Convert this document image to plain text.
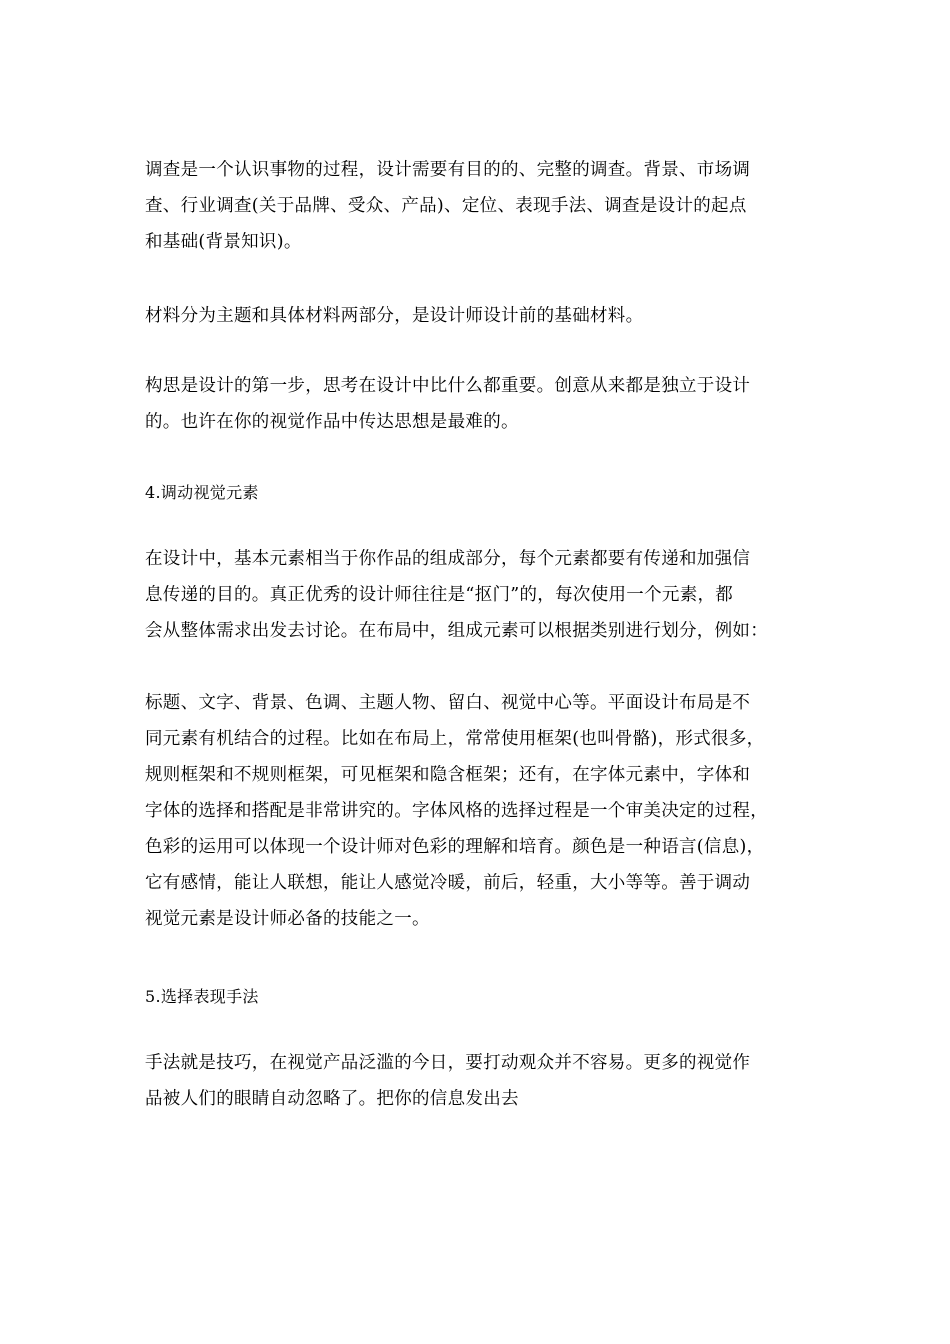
调查是一个认识事物的过程，设计需要有目的的、完整的调查。背景、市场调
查、行业调查(关于品牌、受众、产品)、定位、表现手法、调查是设计的起点
和基础(背景知识)。

材料分为主题和具体材料两部分，是设计师设计前的基础材料。

构思是设计的第一步，思考在设计中比什么都重要。创意从来都是独立于设计
的。也许在你的视觉作品中传达思想是最难的。

4.调动视觉元素

在设计中，基本元素相当于你作品的组成部分，每个元素都要有传递和加强信
息传递的目的。真正优秀的设计师往往是“抠门”的，每次使用一个元素，都
会从整体需求出发去讨论。在布局中，组成元素可以根据类别进行划分，例如：

标题、文字、背景、色调、主题人物、留白、视觉中心等。平面设计布局是不
同元素有机结合的过程。比如在布局上，常常使用框架(也叫骨骼)，形式很多，
规则框架和不规则框架，可见框架和隐含框架；还有，在字体元素中，字体和
字体的选择和搭配是非常讲究的。字体风格的选择过程是一个审美决定的过程，
色彩的运用可以体现一个设计师对色彩的理解和培育。颜色是一种语言(信息)，
它有感情，能让人联想，能让人感觉冷暖，前后，轻重，大小等等。善于调动
视觉元素是设计师必备的技能之一。

5.选择表现手法

手法就是技巧，在视觉产品泛滥的今日，要打动观众并不容易。更多的视觉作
品被人们的眼睛自动忽略了。把你的信息发出去
